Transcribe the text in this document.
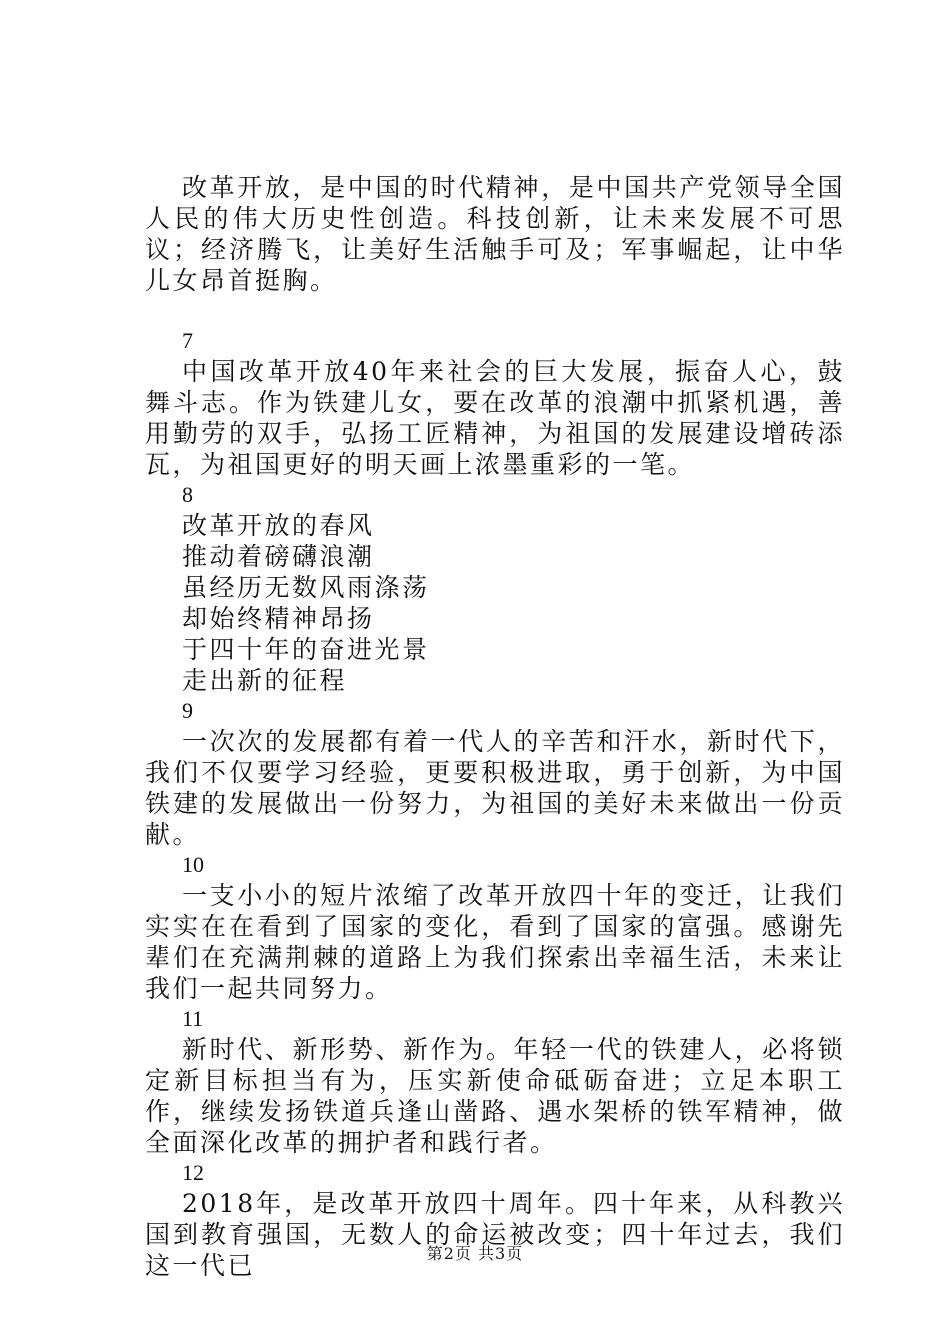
改革开放，是中国的时代精神，是中国共产党领导全国人民的伟大历史性创造。科技创新，让未来发展不可思议；经济腾飞，让美好生活触手可及；军事崛起，让中华儿女昂首挺胸。

7

中国改革开放40年来社会的巨大发展，振奋人心，鼓舞斗志。作为铁建儿女，要在改革的浪潮中抓紧机遇，善用勤劳的双手，弘扬工匠精神，为祖国的发展建设增砖添瓦，为祖国更好的明天画上浓墨重彩的一笔。

8

改革开放的春风
推动着磅礴浪潮
虽经历无数风雨涤荡
却始终精神昂扬
于四十年的奋进光景
走出新的征程

9

一次次的发展都有着一代人的辛苦和汗水，新时代下，我们不仅要学习经验，更要积极进取，勇于创新，为中国铁建的发展做出一份努力，为祖国的美好未来做出一份贡献。

10

一支小小的短片浓缩了改革开放四十年的变迁，让我们实实在在看到了国家的变化，看到了国家的富强。感谢先辈们在充满荆棘的道路上为我们探索出幸福生活，未来让我们一起共同努力。

11

新时代、新形势、新作为。年轻一代的铁建人，必将锁定新目标担当有为，压实新使命砥砺奋进；立足本职工作，继续发扬铁道兵逢山凿路、遇水架桥的铁军精神，做全面深化改革的拥护者和践行者。

12

2018年，是改革开放四十周年。四十年来，从科教兴国到教育强国，无数人的命运被改变；四十年过去，我们这一代已	第2页 共3页
